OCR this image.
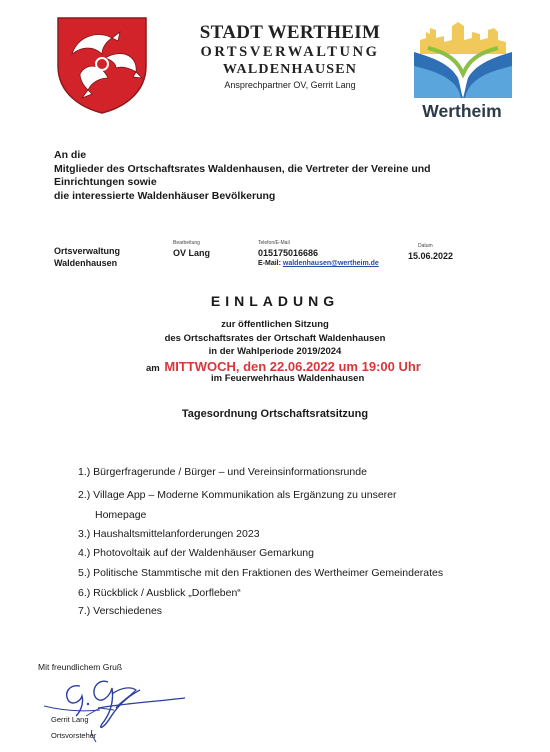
STADT WERTHEIM
ORTSVERWALTUNG
WALDENHAUSEN
Ansprechpartner OV, Gerrit Lang
Wertheim
An die
Mitglieder des Ortschaftsrates Waldenhausen, die Vertreter der Vereine und
Einrichtungen sowie
die interessierte Waldenhäuser Bevölkerung
Ortsverwaltung
Waldenhausen
Bearbeitung
OV Lang
Telefon/E-Mail
015175016686
E-Mail: waldenhausen@wertheim.de
Datum
15.06.2022
EINLADUNG
zur öffentlichen Sitzung
des Ortschaftsrates der Ortschaft Waldenhausen
in der Wahlperiode 2019/2024
am MITTWOCH, den 22.06.2022 um 19:00 Uhr
im Feuerwehrhaus Waldenhausen
Tagesordnung Ortschaftsratsitzung
1.) Bürgerfragerunde / Bürger – und Vereinsinformationsrunde
2.) Village App – Moderne Kommunikation als Ergänzung zu unserer
Homepage
3.) Haushaltsmittelanforderungen 2023
4.) Photovoltaik auf der Waldenhäuser Gemarkung
5.) Politische Stammtische mit den Fraktionen des Wertheimer Gemeinderates
6.) Rückblick / Ausblick „Dorfleben“
7.) Verschiedenes
Mit freundlichem Gruß
Gerrit Lang
Ortsvorsteher
